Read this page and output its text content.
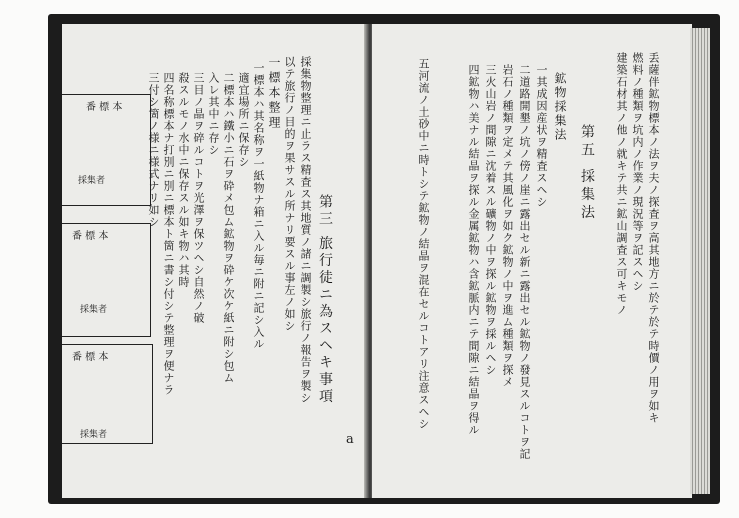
第三 旅行徒ニ為スヘキ事項
採集物整理ニ止ラス精査ス其地質ノ諸ニ調製シ旅行ノ報告ヲ製シ
以テ旅行ノ目的ヲ果サスル所ナリ要スル事左ノ如シ
一標本整理
一標本ハ其名称ヲ一紙物ナ箱ニ入ル毎ニ附ニ記シ入ル
適宜場所ニ保存シ
二標本ハ鐵小ニ石ヲ砕メ包ム鉱物ヲ砕ケ次ケ紙ニ附シ包ム
入レ其中ニ存シ
三目ノ晶ヲ碎ルコトヲ光澤ヲ保ツヘシ自然ノ破
殺スルモノ水中ニ保存スル如キ物ハ其時
四名称標本ナ打別ニ別ニ標本ト箇ニ書シ付シテ整理ヲ便ナラ
三付シ箇ノ様ニ様式ナリ如シ
a
番 標 本
採集者
番 標 本
採集者
番 標 本
採集者
丢薩伴鉱物標本ノ法ヲ夫ノ探査ヲ高其地方ニ於テ於テ時價ノ用ヲ如キ
燃料ノ種類ヲ坑内ノ作業ノ現況等ヲ記スヘシ
建築石材其ノ他ノ就キテ共ニ鉱山調査ス可キモノ
第五 採集法
鉱物採集法
一其成因産状ヲ精査スヘシ
二道路開墾ノ坑ノ傍ノ崖ニ露出セル新ニ露出セル鉱物ノ發見スルコトヲ記
岩石ノ種類ヲ定メテ其風化ヲ如ク鉱物ノ中ヲ進ム種類ヲ探メ
三火山岩ノ間隙ニ沈着スル礦物ノ中ヲ探ル鉱物ヲ採ルヘシ
四鉱物ハ美ナル結晶ヲ探ル金属鉱物ハ含鉱脈内ニテ間隙ニ結晶ヲ得ル
五河流ノ土砂中ニ時トシテ鉱物ノ結晶ヲ混在セルコトアリ注意スヘシ
